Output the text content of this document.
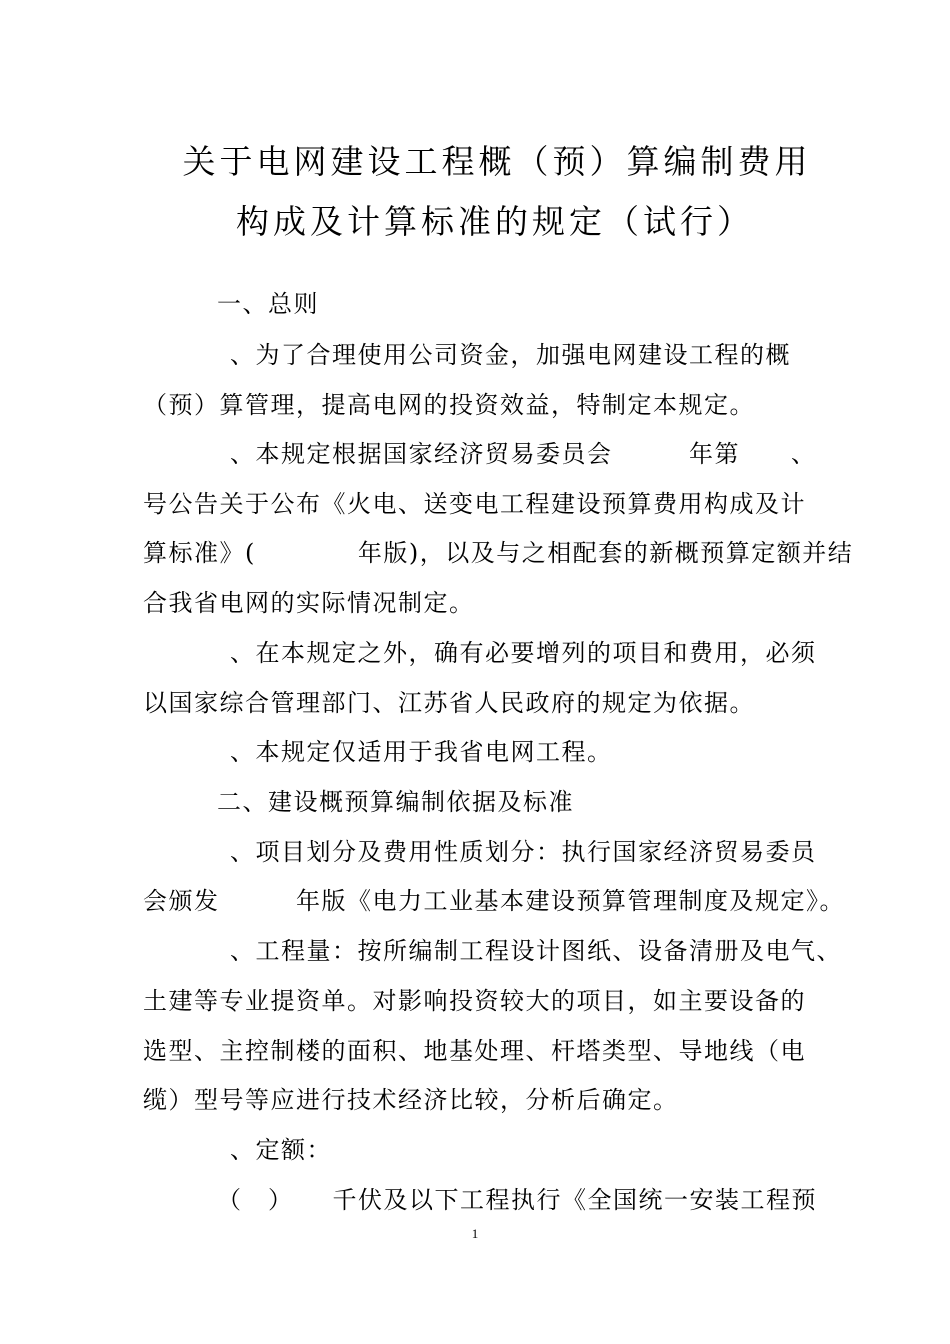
关于电网建设工程概（预）算编制费用
构成及计算标准的规定（试行）
一、总则
、为了合理使用公司资金，加强电网建设工程的概
（预）算管理，提高电网的投资效益，特制定本规定。
、本规定根据国家经济贸易委员会　　　年第　　、
号公告关于公布《火电、送变电工程建设预算费用构成及计
算标准》(　　　　年版)，以及与之相配套的新概预算定额并结
合我省电网的实际情况制定。
、在本规定之外，确有必要增列的项目和费用，必须
以国家综合管理部门、江苏省人民政府的规定为依据。
、本规定仅适用于我省电网工程。
二、建设概预算编制依据及标准
、项目划分及费用性质划分：执行国家经济贸易委员
会颁发　　　年版《电力工业基本建设预算管理制度及规定》。
、工程量：按所编制工程设计图纸、设备清册及电气、
土建等专业提资单。对影响投资较大的项目，如主要设备的
选型、主控制楼的面积、地基处理、杆塔类型、导地线（电
缆）型号等应进行技术经济比较，分析后确定。
、定额：
（　）　　千伏及以下工程执行《全国统一安装工程预
1
